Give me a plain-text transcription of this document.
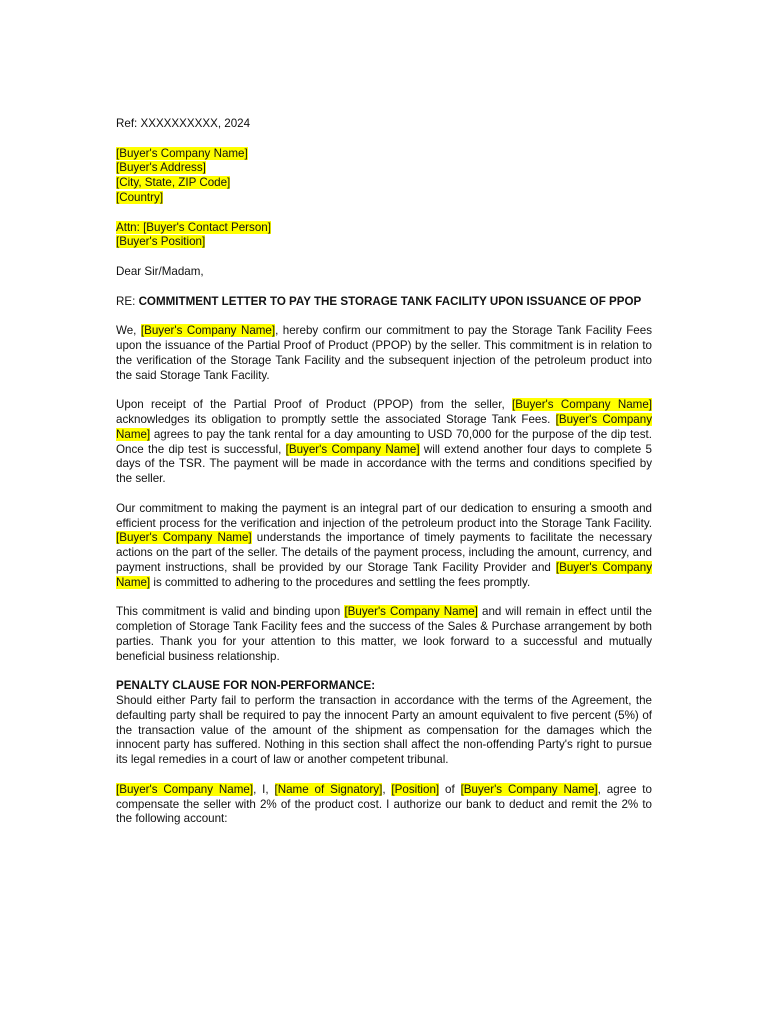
Ref: XXXXXXXXXX, 2024
[Buyer's Company Name]
[Buyer's Address]
[City, State, ZIP Code]
[Country]
Attn: [Buyer's Contact Person]
[Buyer's Position]
Dear Sir/Madam,
RE: COMMITMENT LETTER TO PAY THE STORAGE TANK FACILITY UPON ISSUANCE OF PPOP

We, [Buyer's Company Name], hereby confirm our commitment to pay the Storage Tank Facility Fees upon the issuance of the Partial Proof of Product (PPOP) by the seller. This commitment is in relation to the verification of the Storage Tank Facility and the subsequent injection of the petroleum product into the said Storage Tank Facility.

Upon receipt of the Partial Proof of Product (PPOP) from the seller, [Buyer's Company Name] acknowledges its obligation to promptly settle the associated Storage Tank Fees. [Buyer's Company Name] agrees to pay the tank rental for a day amounting to USD 70,000 for the purpose of the dip test. Once the dip test is successful, [Buyer's Company Name] will extend another four days to complete 5 days of the TSR. The payment will be made in accordance with the terms and conditions specified by the seller.

Our commitment to making the payment is an integral part of our dedication to ensuring a smooth and efficient process for the verification and injection of the petroleum product into the Storage Tank Facility. [Buyer's Company Name] understands the importance of timely payments to facilitate the necessary actions on the part of the seller. The details of the payment process, including the amount, currency, and payment instructions, shall be provided by our Storage Tank Facility Provider and [Buyer's Company Name] is committed to adhering to the procedures and settling the fees promptly.

This commitment is valid and binding upon [Buyer's Company Name] and will remain in effect until the completion of Storage Tank Facility fees and the success of the Sales & Purchase arrangement by both parties. Thank you for your attention to this matter, we look forward to a successful and mutually beneficial business relationship.

PENALTY CLAUSE FOR NON-PERFORMANCE:

Should either Party fail to perform the transaction in accordance with the terms of the Agreement, the defaulting party shall be required to pay the innocent Party an amount equivalent to five percent (5%) of the transaction value of the amount of the shipment as compensation for the damages which the innocent party has suffered. Nothing in this section shall affect the non-offending Party's right to pursue its legal remedies in a court of law or another competent tribunal.

[Buyer's Company Name], I, [Name of Signatory], [Position] of [Buyer's Company Name], agree to compensate the seller with 2% of the product cost. I authorize our bank to deduct and remit the 2% to the following account:
